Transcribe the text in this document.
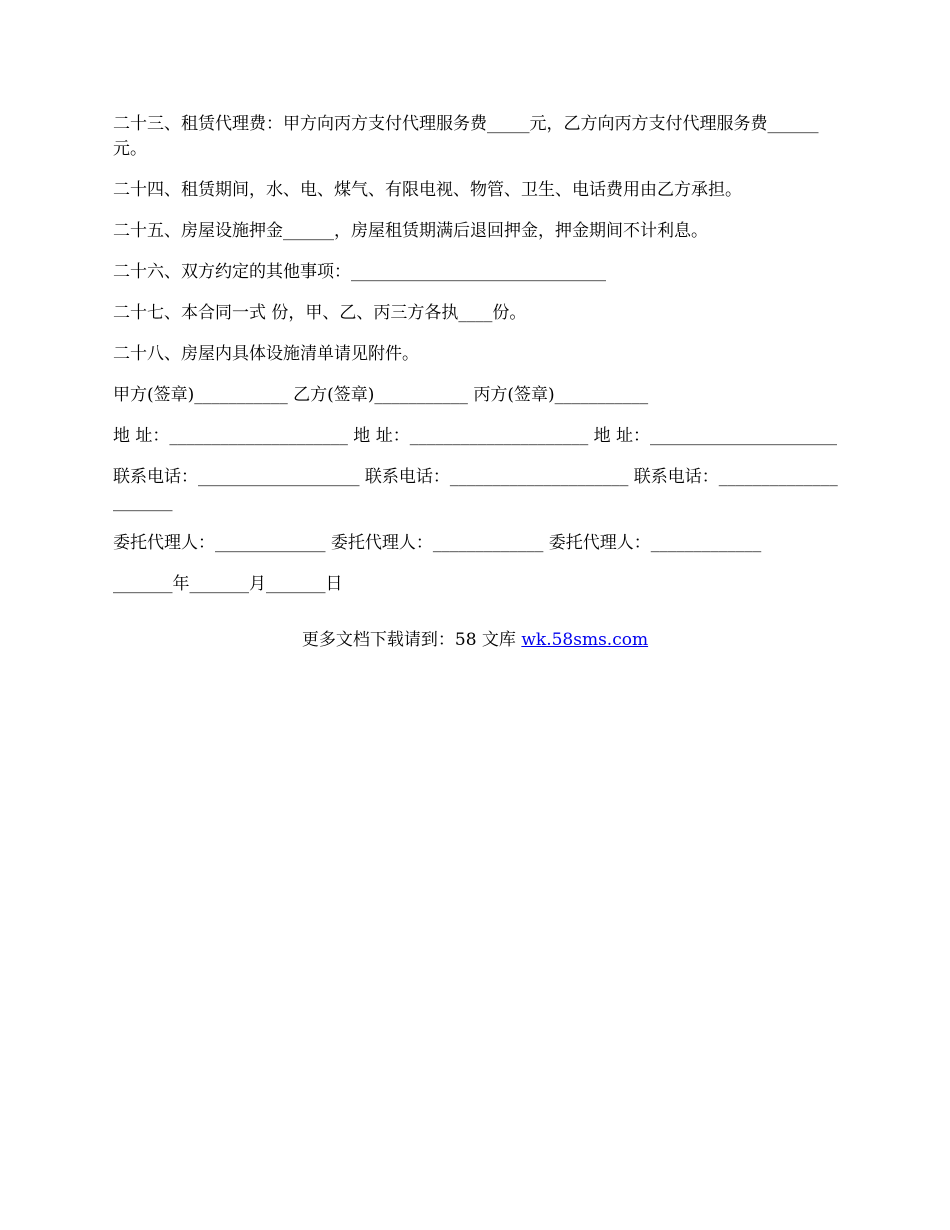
二十三、租赁代理费：甲方向丙方支付代理服务费_____元，乙方向丙方支付代理服务费______元。

二十四、租赁期间，水、电、煤气、有限电视、物管、卫生、电话费用由乙方承担。

二十五、房屋设施押金______，房屋租赁期满后退回押金，押金期间不计利息。

二十六、双方约定的其他事项：______________________________

二十七、本合同一式 份，甲、乙、丙三方各执____份。

二十八、房屋内具体设施清单请见附件。

甲方(签章)___________ 乙方(签章)___________ 丙方(签章)___________

地 址：_____________________ 地 址：_____________________ 地 址：______________________

联系电话：___________________ 联系电话：_____________________ 联系电话：_____________________

委托代理人：_____________ 委托代理人：_____________ 委托代理人：_____________

_______年_______月_______日

更多文档下载请到：58 文库 wk.58sms.com
